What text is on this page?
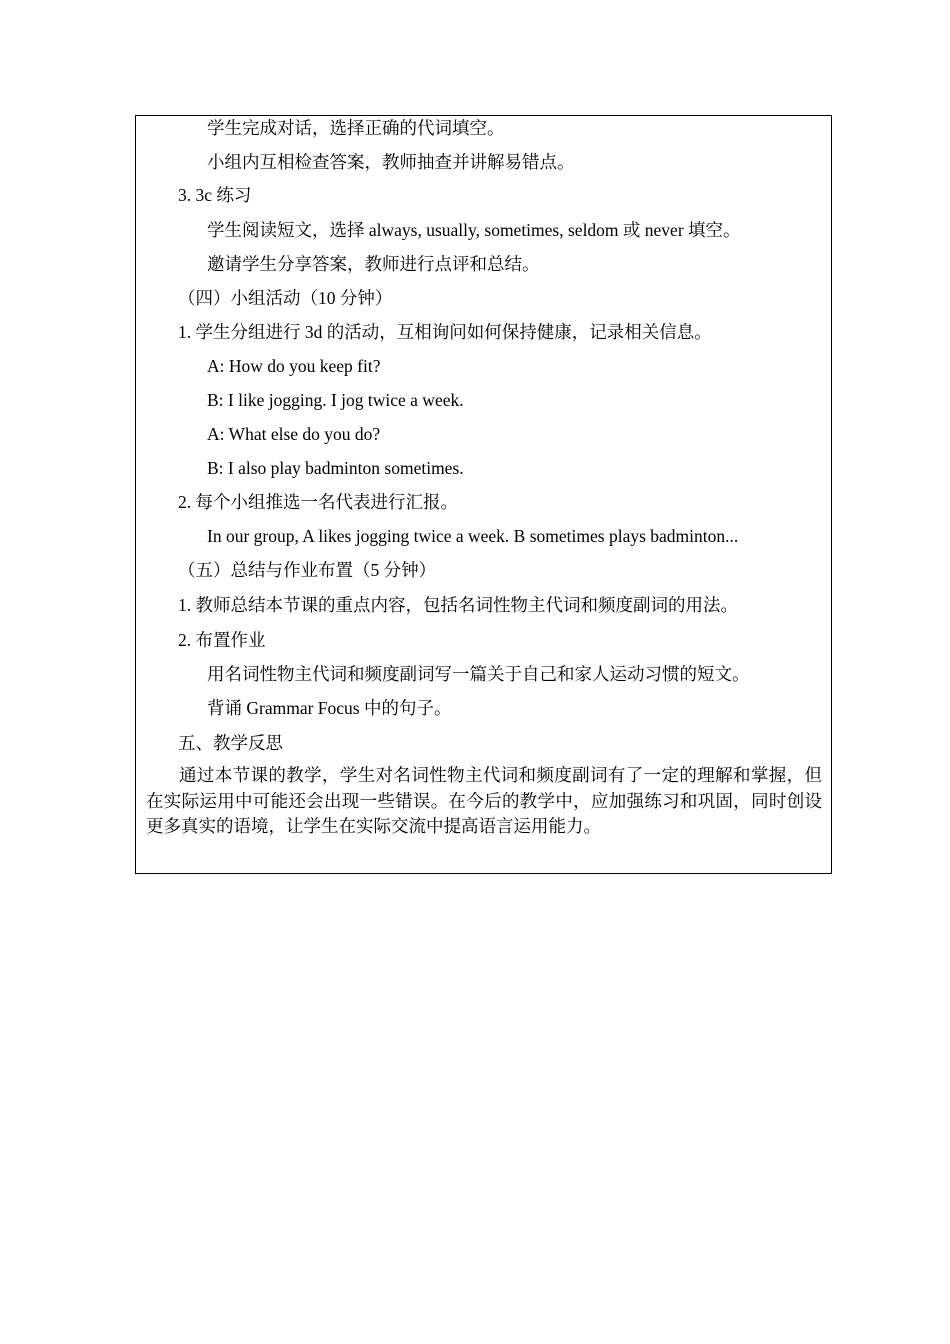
学生完成对话，选择正确的代词填空。
小组内互相检查答案，教师抽查并讲解易错点。
3. 3c 练习
学生阅读短文，选择 always, usually, sometimes, seldom 或 never 填空。
邀请学生分享答案，教师进行点评和总结。
（四）小组活动（10 分钟）
1. 学生分组进行 3d 的活动，互相询问如何保持健康，记录相关信息。
A: How do you keep fit?
B: I like jogging. I jog twice a week.
A: What else do you do?
B: I also play badminton sometimes.
2. 每个小组推选一名代表进行汇报。
In our group, A likes jogging twice a week. B sometimes plays badminton...
（五）总结与作业布置（5 分钟）
1. 教师总结本节课的重点内容，包括名词性物主代词和频度副词的用法。
2. 布置作业
用名词性物主代词和频度副词写一篇关于自己和家人运动习惯的短文。
背诵 Grammar Focus 中的句子。
五、教学反思
通过本节课的教学，学生对名词性物主代词和频度副词有了一定的理解和掌握，但在实际运用中可能还会出现一些错误。在今后的教学中，应加强练习和巩固，同时创设更多真实的语境，让学生在实际交流中提高语言运用能力。
